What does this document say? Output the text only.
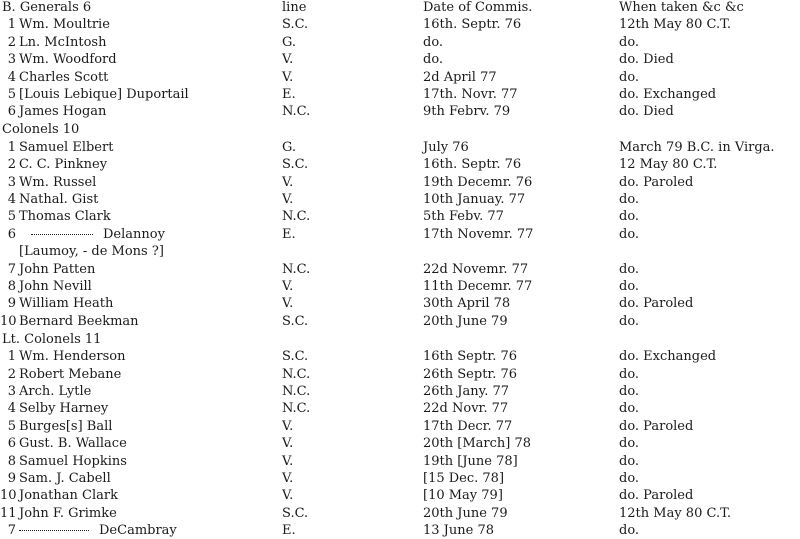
B. Generals 6	line	Date of Commis.	When taken &c &c
1 Wm. Moultrie	S.C.	16th. Septr. 76	12th May 80 C.T.
2 Ln. McIntosh	G.	do.	do.
3 Wm. Woodford	V.	do.	do. Died
4 Charles Scott	V.	2d April 77	do.
5 [Louis Lebique] Duportail	E.	17th. Novr. 77	do. Exchanged
6 James Hogan	N.C.	9th Febrv. 79	do. Died
Colonels 10
1 Samuel Elbert	G.	July 76	March 79 B.C. in Virga.
2 C. C. Pinkney	S.C.	16th. Septr. 76	12 May 80 C.T.
3 Wm. Russel	V.	19th Decemr. 76	do. Paroled
4 Nathal. Gist	V.	10th Januay. 77	do.
5 Thomas Clark	N.C.	5th Febv. 77	do.
6	Delannoy	E.	17th Novemr. 77	do.
[Laumoy, - de Mons ?]
7 John Patten	N.C.	22d Novemr. 77	do.
8 John Nevill	V.	11th Decemr. 77	do.
9 William Heath	V.	30th April 78	do. Paroled
10 Bernard Beekman	S.C.	20th June 79	do.
Lt. Colonels 11
1 Wm. Henderson	S.C.	16th Septr. 76	do. Exchanged
2 Robert Mebane	N.C.	26th Septr. 76	do.
3 Arch. Lytle	N.C.	26th Jany. 77	do.
4 Selby Harney	N.C.	22d Novr. 77	do.
5 Burges[s] Ball	V.	17th Decr. 77	do. Paroled
6 Gust. B. Wallace	V.	20th [March] 78	do.
8 Samuel Hopkins	V.	19th [June 78]	do.
9 Sam. J. Cabell	V.	[15 Dec. 78]	do.
10 Jonathan Clark	V.	[10 May 79]	do. Paroled
11 John F. Grimke	S.C.	20th June 79	12th May 80 C.T.
7	DeCambray	E.	13 June 78	do.
